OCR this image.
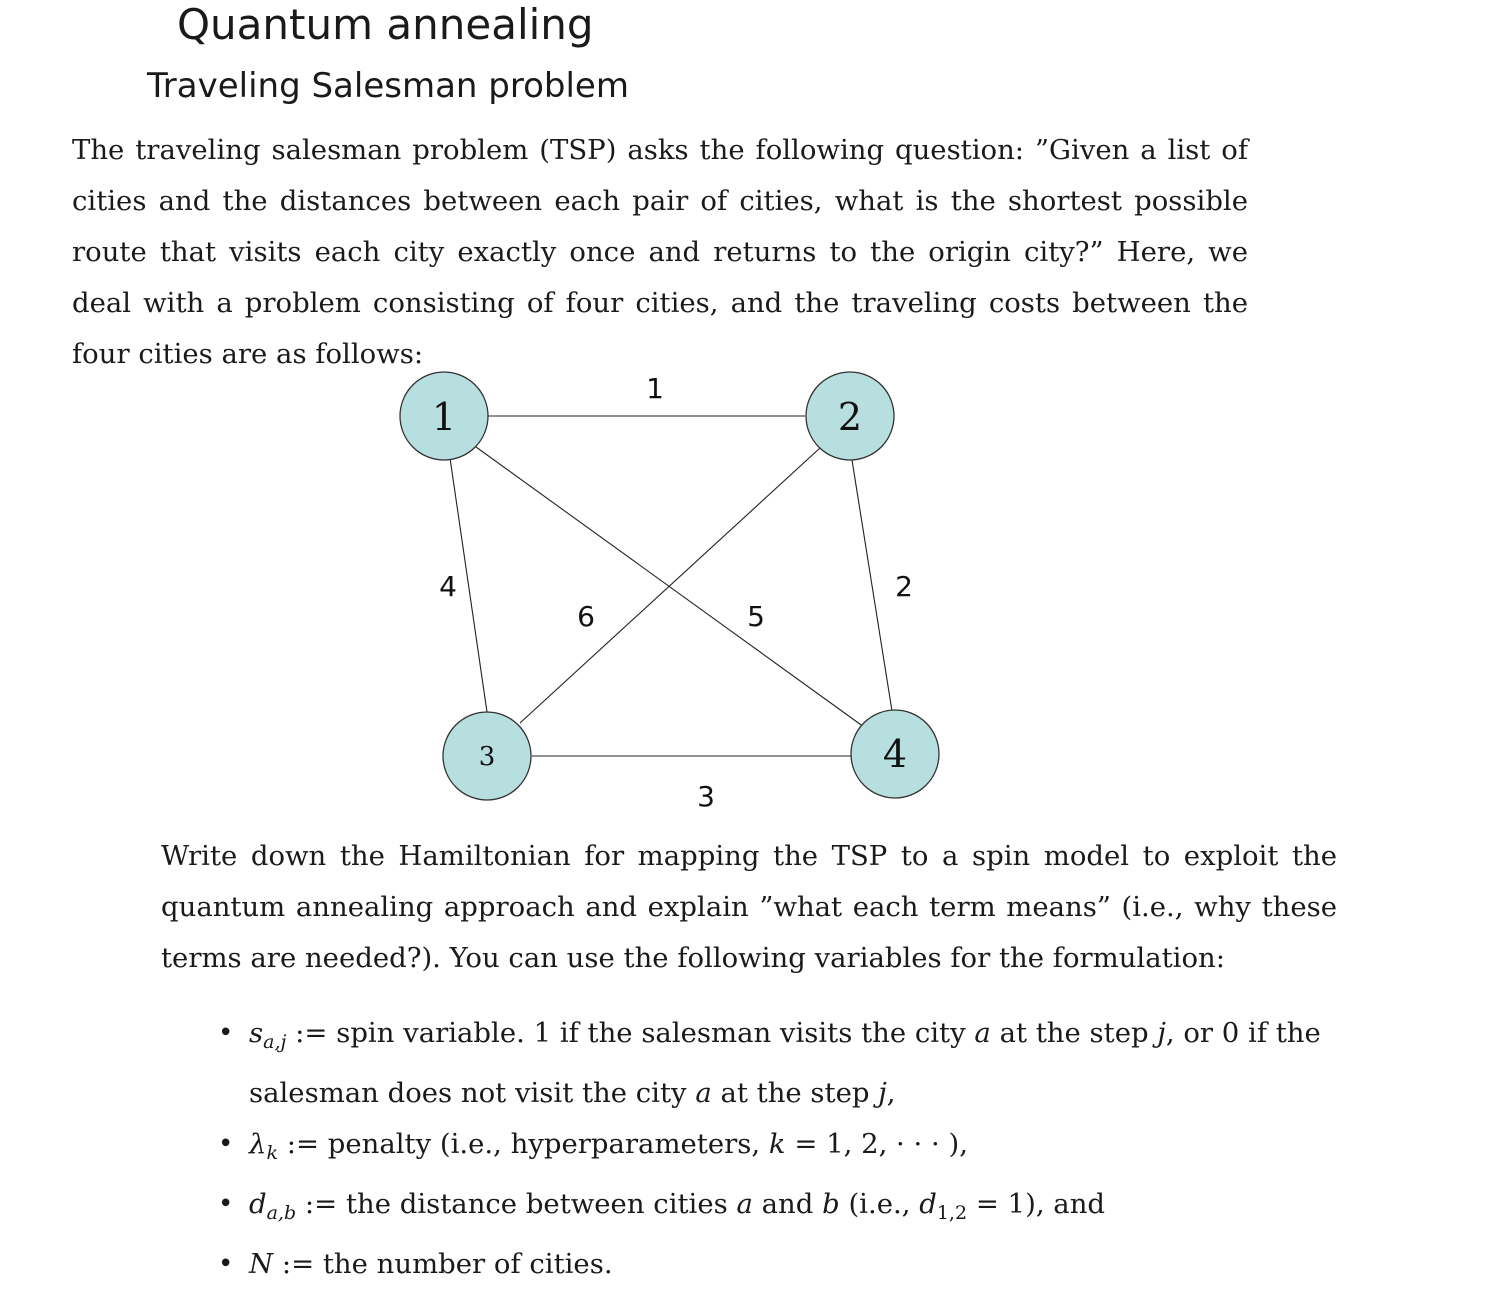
Quantum annealing
Traveling Salesman problem

The traveling salesman problem (TSP) asks the following question: ”Given a list of cities and the distances between each pair of cities, what is the shortest possible route that visits each city exactly once and returns to the origin city?” Here, we deal with a problem consisting of four cities, and the traveling costs between the four cities are as follows:

1
4
6	5
2
3
1	2
3	4

Write down the Hamiltonian for mapping the TSP to a spin model to exploit the quantum annealing approach and explain ”what each term means” (i.e., why these terms are needed?). You can use the following variables for the formulation:

• $s_{a,j}$ := spin variable. 1 if the salesman visits the city a at the step j, or 0 if the salesman does not visit the city a at the step j,
• $\lambda_k$ := penalty (i.e., hyperparameters, k = 1, 2, · · · ),
• $d_{a,b}$ := the distance between cities a and b (i.e., $d_{1,2} = 1$), and
• N := the number of cities.
